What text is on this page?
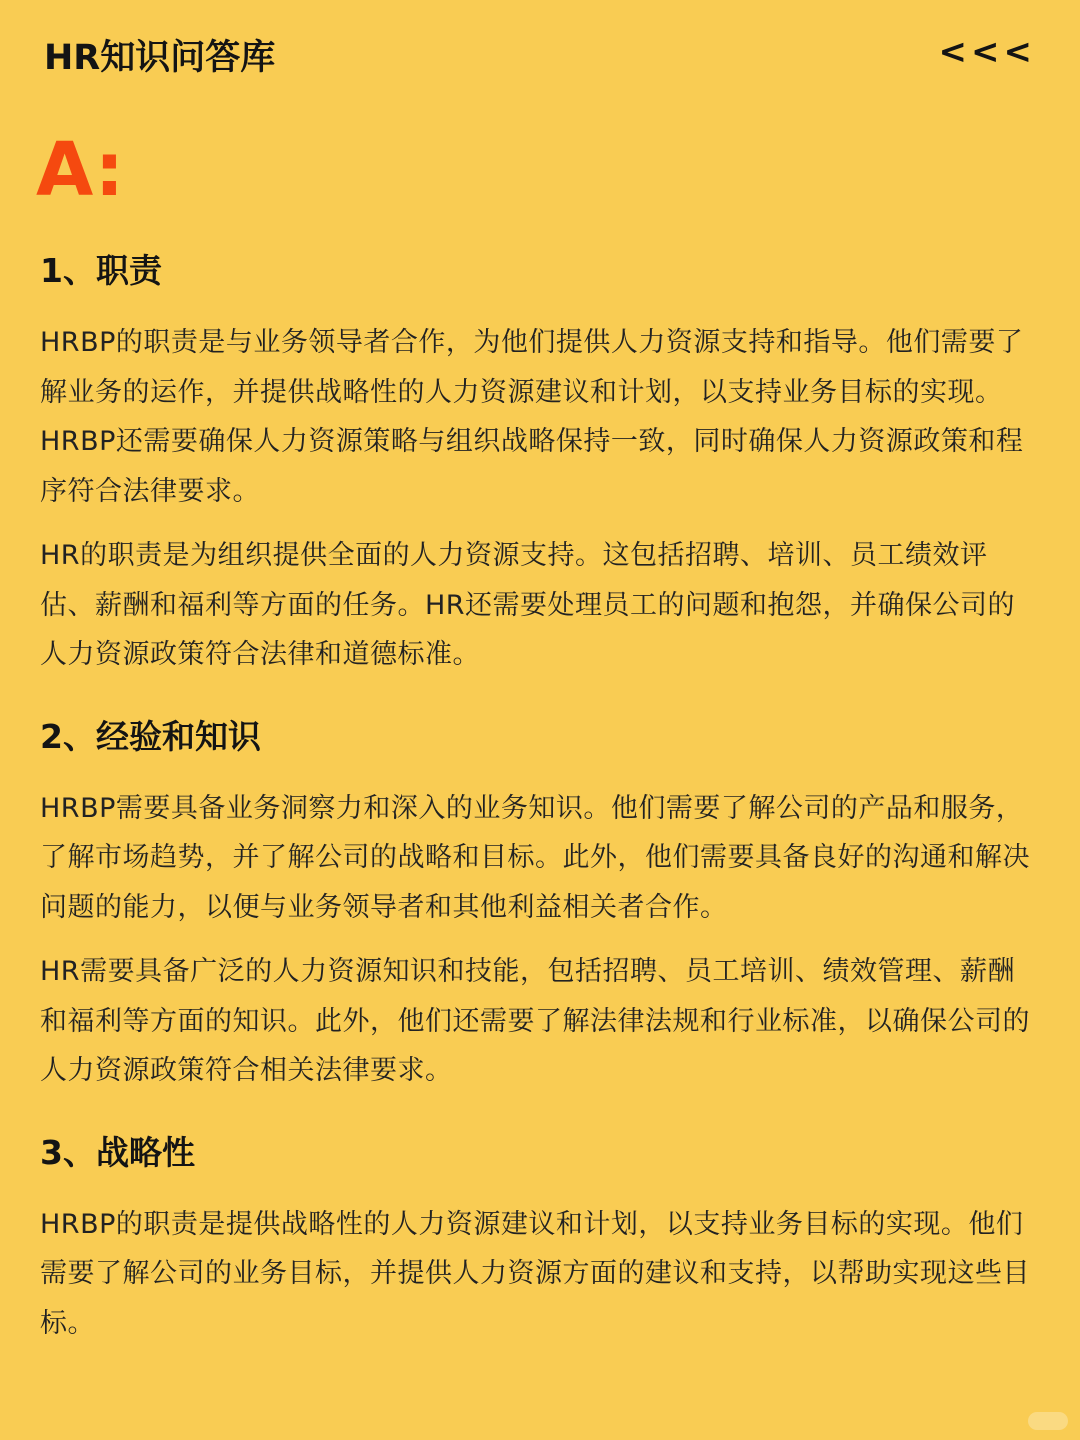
HR知识问答库	<<<
A:
1、职责

HRBP的职责是与业务领导者合作，为他们提供人力资源支持和指导。他们需要了解业务的运作，并提供战略性的人力资源建议和计划，以支持业务目标的实现。 HRBP还需要确保人力资源策略与组织战略保持一致，同时确保人力资源政策和程序符合法律要求。

HR的职责是为组织提供全面的人力资源支持。这包括招聘、培训、员工绩效评估、薪酬和福利等方面的任务。HR还需要处理员工的问题和抱怨，并确保公司的人力资源政策符合法律和道德标准。

2、经验和知识

HRBP需要具备业务洞察力和深入的业务知识。他们需要了解公司的产品和服务，了解市场趋势，并了解公司的战略和目标。此外，他们需要具备良好的沟通和解决问题的能力，以便与业务领导者和其他利益相关者合作。

HR需要具备广泛的人力资源知识和技能，包括招聘、员工培训、绩效管理、薪酬和福利等方面的知识。此外，他们还需要了解法律法规和行业标准，以确保公司的人力资源政策符合相关法律要求。

3、战略性

HRBP的职责是提供战略性的人力资源建议和计划，以支持业务目标的实现。他们需要了解公司的业务目标，并提供人力资源方面的建议和支持，以帮助实现这些目标。
